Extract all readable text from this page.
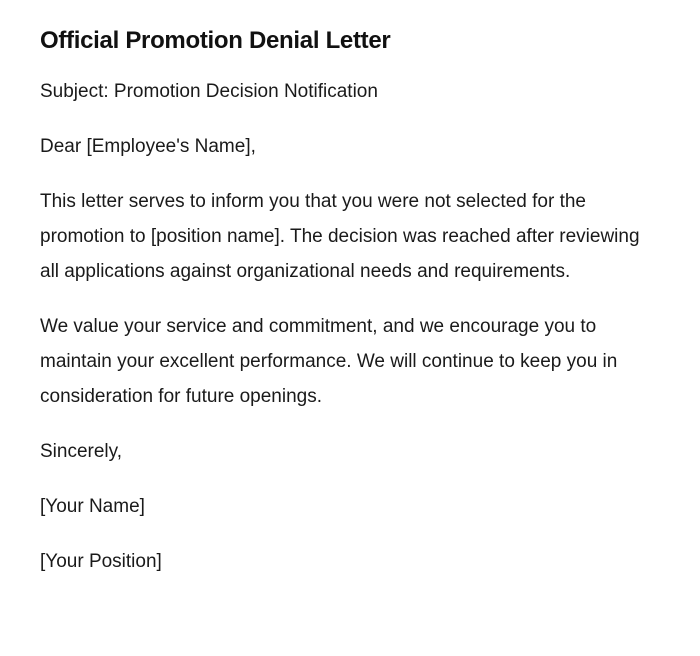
Official Promotion Denial Letter

Subject: Promotion Decision Notification

Dear [Employee's Name],

This letter serves to inform you that you were not selected for the promotion to [position name]. The decision was reached after reviewing all applications against organizational needs and requirements.

We value your service and commitment, and we encourage you to maintain your excellent performance. We will continue to keep you in consideration for future openings.

Sincerely,

[Your Name]

[Your Position]
